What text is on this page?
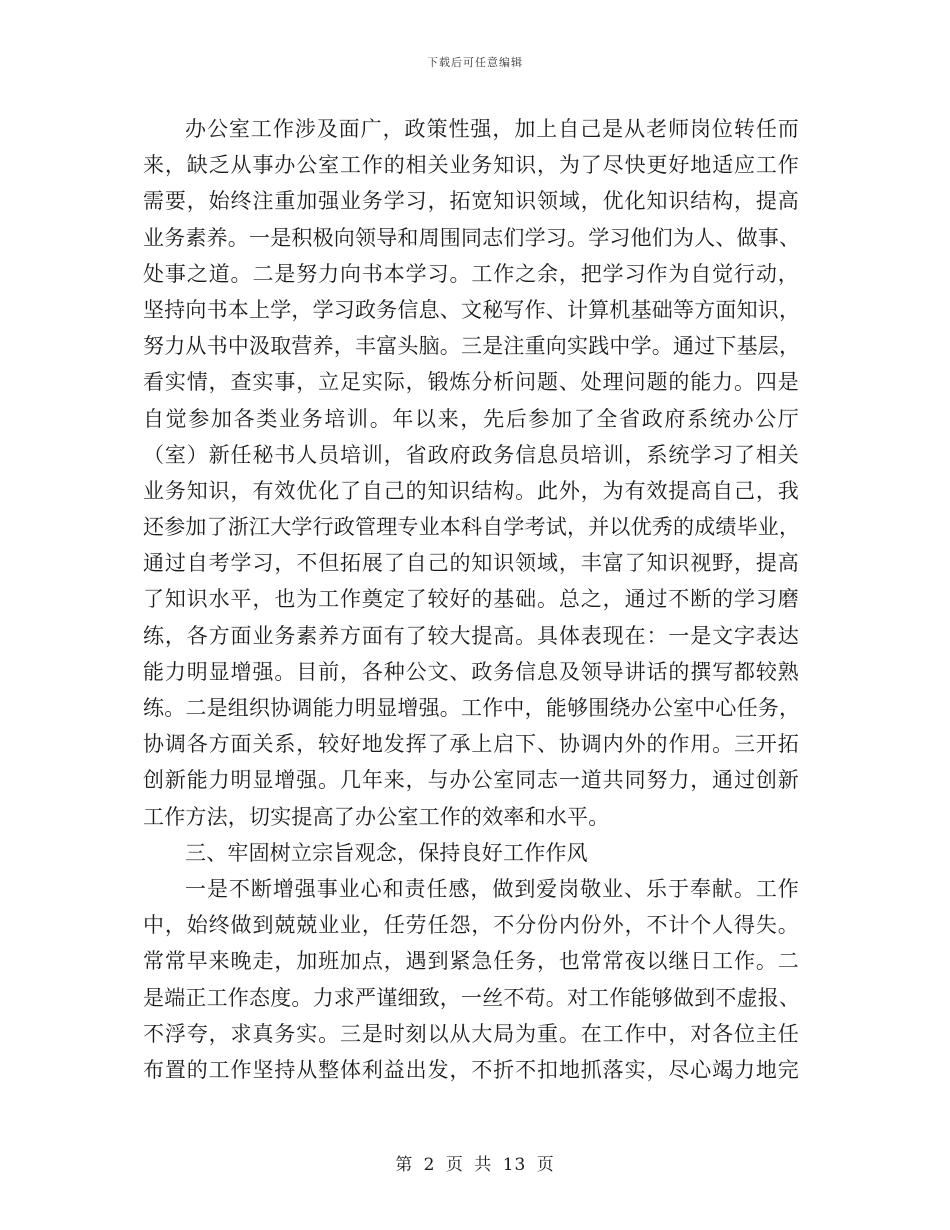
下载后可任意编辑
办公室工作涉及面广，政策性强，加上自己是从老师岗位转任而
来，缺乏从事办公室工作的相关业务知识，为了尽快更好地适应工作
需要，始终注重加强业务学习，拓宽知识领域，优化知识结构，提高
业务素养。一是积极向领导和周围同志们学习。学习他们为人、做事、
处事之道。二是努力向书本学习。工作之余，把学习作为自觉行动，
坚持向书本上学，学习政务信息、文秘写作、计算机基础等方面知识，
努力从书中汲取营养，丰富头脑。三是注重向实践中学。通过下基层，
看实情，查实事，立足实际，锻炼分析问题、处理问题的能力。四是
自觉参加各类业务培训。年以来，先后参加了全省政府系统办公厅
（室）新任秘书人员培训，省政府政务信息员培训，系统学习了相关
业务知识，有效优化了自己的知识结构。此外，为有效提高自己，我
还参加了浙江大学行政管理专业本科自学考试，并以优秀的成绩毕业，
通过自考学习，不但拓展了自己的知识领域，丰富了知识视野，提高
了知识水平，也为工作奠定了较好的基础。总之，通过不断的学习磨
练，各方面业务素养方面有了较大提高。具体表现在：一是文字表达
能力明显增强。目前，各种公文、政务信息及领导讲话的撰写都较熟
练。二是组织协调能力明显增强。工作中，能够围绕办公室中心任务，
协调各方面关系，较好地发挥了承上启下、协调内外的作用。三开拓
创新能力明显增强。几年来，与办公室同志一道共同努力，通过创新
工作方法，切实提高了办公室工作的效率和水平。
三、牢固树立宗旨观念，保持良好工作作风
一是不断增强事业心和责任感，做到爱岗敬业、乐于奉献。工作
中，始终做到兢兢业业，任劳任怨，不分份内份外，不计个人得失。
常常早来晚走，加班加点，遇到紧急任务，也常常夜以继日工作。二
是端正工作态度。力求严谨细致，一丝不苟。对工作能够做到不虚报、
不浮夸，求真务实。三是时刻以从大局为重。在工作中，对各位主任
布置的工作坚持从整体利益出发，不折不扣地抓落实，尽心竭力地完
第 2 页 共 13 页
